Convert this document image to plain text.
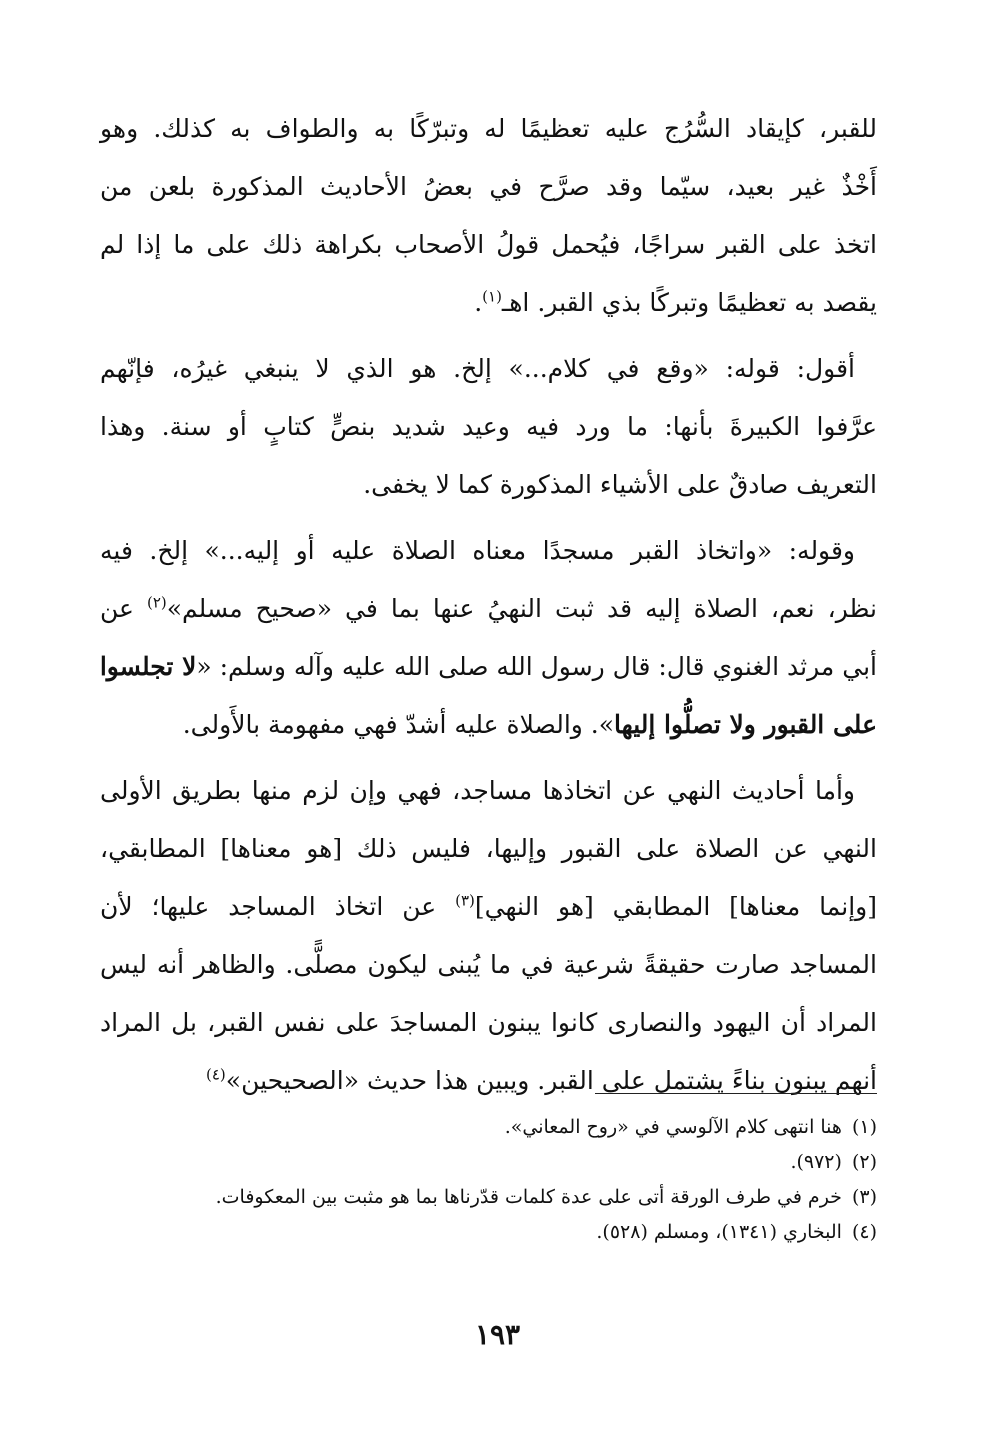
للقبر، كإيقاد السُّرُج عليه تعظيمًا له وتبرّكًا به والطواف به كذلك. وهو
أَخْذٌ غير بعيد، سيّما وقد صرَّح في بعضُ الأحاديث المذكورة بلعن من
اتخذ على القبر سراجًا، فيُحمل قولُ الأصحاب بكراهة ذلك على ما إذا لم
يقصد به تعظيمًا وتبركًا بذي القبر. اهـ$^{(١)}$.

أقول: قوله: «وقع في كلام...» إلخ. هو الذي لا ينبغي غيرُه، فإنّهم
عرَّفوا الكبيرةَ بأنها: ما ورد فيه وعيد شديد بنصٍّ كتابٍ أو سنة. وهذا
التعريف صادقٌ على الأشياء المذكورة كما لا يخفى.

وقوله: «واتخاذ القبر مسجدًا معناه الصلاة عليه أو إليه...» إلخ. فيه
نظر، نعم، الصلاة إليه قد ثبت النهيُ عنها بما في «صحيح مسلم»$^{(٢)}$ عن
أبي مرثد الغنوي قال: قال رسول الله صلى الله عليه وآله وسلم: «لا تجلسوا
على القبور ولا تصلُّوا إليها». والصلاة عليه أشدّ فهي مفهومة بالأَولى.

وأما أحاديث النهي عن اتخاذها مساجد، فهي وإن لزم منها بطريق الأولى
النهي عن الصلاة على القبور وإليها، فليس ذلك [هو معناها] المطابقي،
[وإنما معناها] المطابقي [هو النهي]$^{(٣)}$ عن اتخاذ المساجد عليها؛ لأن
المساجد صارت حقيقةً شرعية في ما يُبنى ليكون مصلًّى. والظاهر أنه ليس
المراد أن اليهود والنصارى كانوا يبنون المساجدَ على نفس القبر، بل المراد
أنهم يبنون بناءً يشتمل على القبر. ويبين هذا حديث «الصحيحين»$^{(٤)}$

(١)هنا انتهى كلام الآلوسي في «روح المعاني».
(٢)(٩٧٢).
(٣)خرم في طرف الورقة أتى على عدة كلمات قدّرناها بما هو مثبت بين المعكوفات.
(٤)البخاري (١٣٤١)، ومسلم (٥٢٨).
١٩٣
